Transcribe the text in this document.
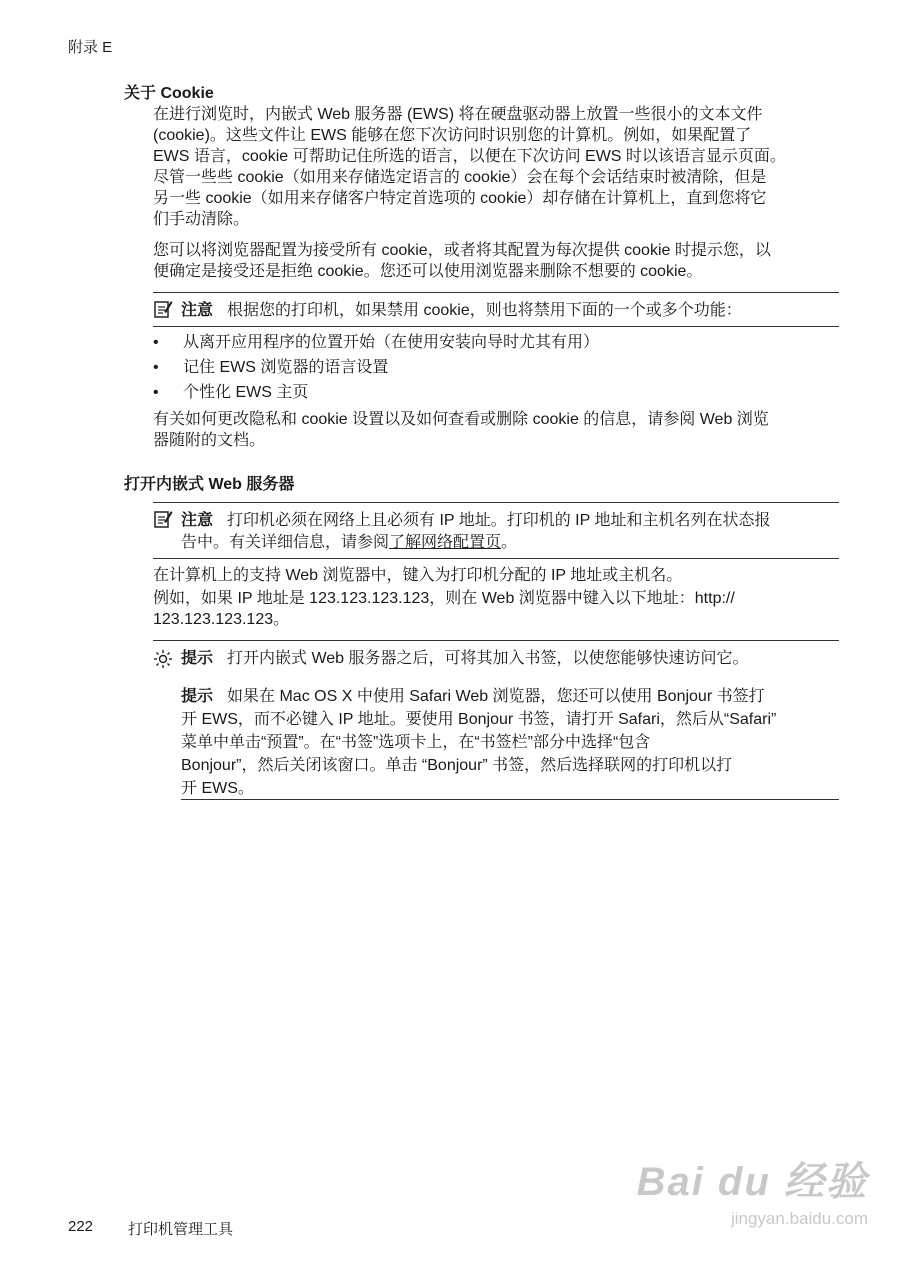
附录 E
关于 Cookie
在进行浏览时，内嵌式 Web 服务器 (EWS) 将在硬盘驱动器上放置一些很小的文本文件
(cookie)。这些文件让 EWS 能够在您下次访问时识别您的计算机。例如，如果配置了
EWS 语言，cookie 可帮助记住所选的语言，以便在下次访问 EWS 时以该语言显示页面。
尽管一些些 cookie（如用来存储选定语言的 cookie）会在每个会话结束时被清除，但是
另一些 cookie（如用来存储客户特定首选项的 cookie）却存储在计算机上，直到您将它
们手动清除。
您可以将浏览器配置为接受所有 cookie，或者将其配置为每次提供 cookie 时提示您，以
便确定是接受还是拒绝 cookie。您还可以使用浏览器来删除不想要的 cookie。
注意 根据您的打印机，如果禁用 cookie，则也将禁用下面的一个或多个功能：
• 从离开应用程序的位置开始（在使用安装向导时尤其有用）
• 记住 EWS 浏览器的语言设置
• 个性化 EWS 主页
有关如何更改隐私和 cookie 设置以及如何查看或删除 cookie 的信息，请参阅 Web 浏览
器随附的文档。
打开内嵌式 Web 服务器
注意 打印机必须在网络上且必须有 IP 地址。打印机的 IP 地址和主机名列在状态报
告中。有关详细信息，请参阅了解网络配置页。
在计算机上的支持 Web 浏览器中，键入为打印机分配的 IP 地址或主机名。
例如，如果 IP 地址是 123.123.123.123，则在 Web 浏览器中键入以下地址：http://
123.123.123.123。
提示 打开内嵌式 Web 服务器之后，可将其加入书签，以使您能够快速访问它。
提示 如果在 Mac OS X 中使用 Safari Web 浏览器，您还可以使用 Bonjour 书签打
开 EWS，而不必键入 IP 地址。要使用 Bonjour 书签，请打开 Safari，然后从“Safari”
菜单中单击“预置”。在“书签”选项卡上，在“书签栏”部分中选择“包含
Bonjour”，然后关闭该窗口。单击 “Bonjour” 书签，然后选择联网的打印机以打
开 EWS。
Bai du 经验
jingyan.baidu.com
222 打印机管理工具
